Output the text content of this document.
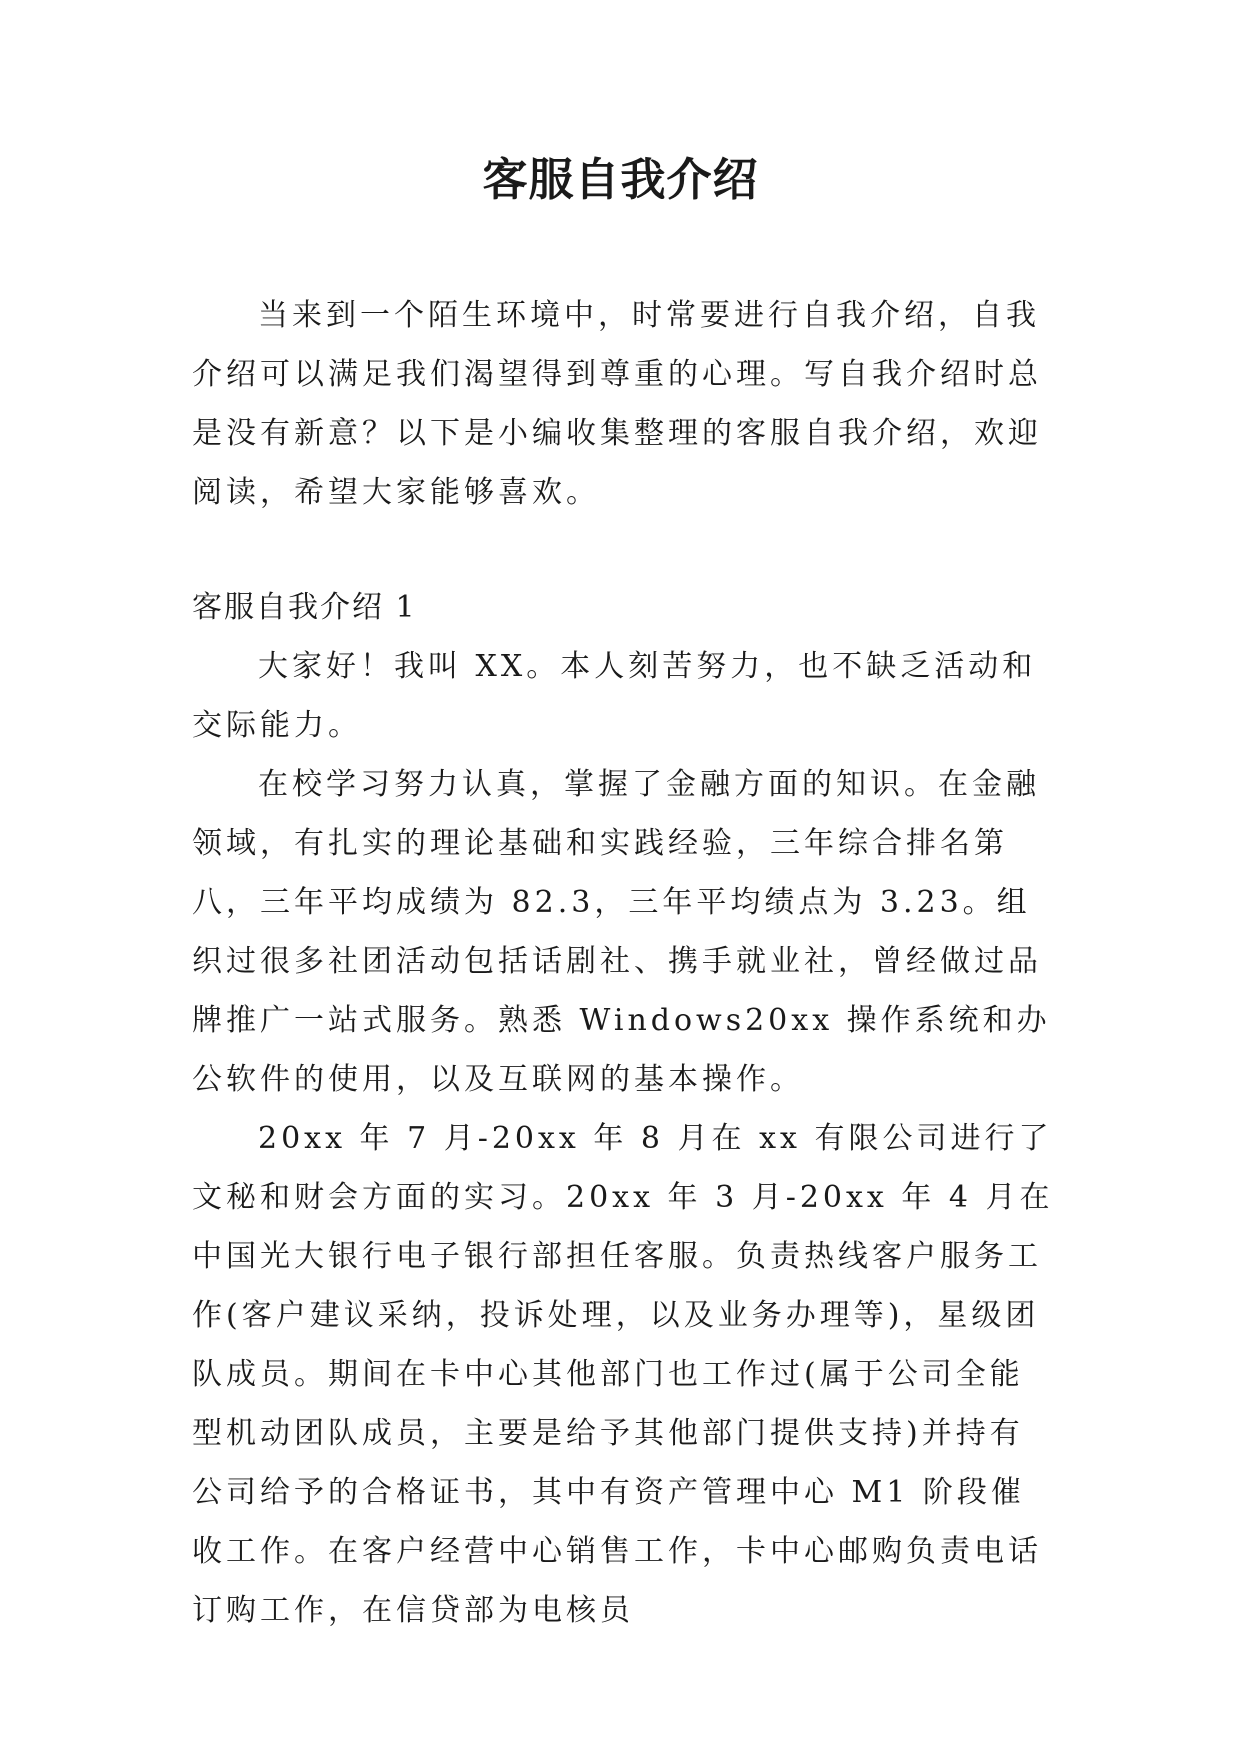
客服自我介绍

当来到一个陌生环境中，时常要进行自我介绍，自我介绍可以满足我们渴望得到尊重的心理。写自我介绍时总是没有新意？以下是小编收集整理的客服自我介绍，欢迎阅读，希望大家能够喜欢。

客服自我介绍 1

大家好！我叫 XX。本人刻苦努力，也不缺乏活动和交际能力。

在校学习努力认真，掌握了金融方面的知识。在金融领域，有扎实的理论基础和实践经验，三年综合排名第八，三年平均成绩为 82.3，三年平均绩点为 3.23。组织过很多社团活动包括话剧社、携手就业社，曾经做过品牌推广一站式服务。熟悉 Windows20xx 操作系统和办公软件的使用，以及互联网的基本操作。

20xx 年 7 月-20xx 年 8 月在 xx 有限公司进行了文秘和财会方面的实习。20xx 年 3 月-20xx 年 4 月在中国光大银行电子银行部担任客服。负责热线客户服务工作(客户建议采纳，投诉处理，以及业务办理等)，星级团队成员。期间在卡中心其他部门也工作过(属于公司全能型机动团队成员，主要是给予其他部门提供支持)并持有公司给予的合格证书，其中有资产管理中心 M1 阶段催收工作。在客户经营中心销售工作，卡中心邮购负责电话订购工作，在信贷部为电核员
